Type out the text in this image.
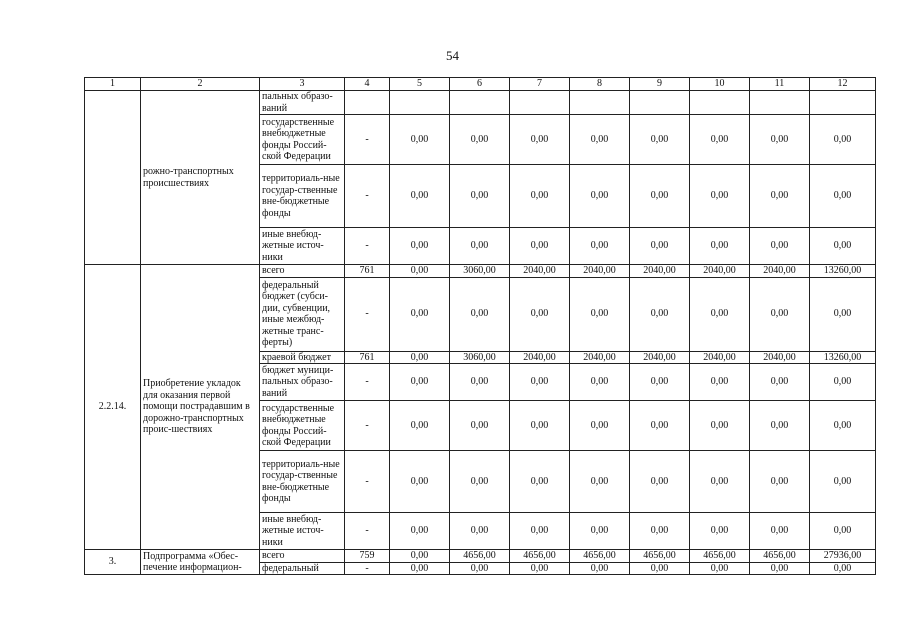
54
1	2	3	4	5	6	7	8	9	10	11	12
	рожно-транспортных происшествиях	пальных образо-ваний									
		государственные внебюджетные фонды Россий-ской Федерации	-	0,00	0,00	0,00	0,00	0,00	0,00	0,00	0,00
		территориаль-ные государ-ственные вне-бюджетные фонды	-	0,00	0,00	0,00	0,00	0,00	0,00	0,00	0,00
		иные внебюд-жетные источ-ники	-	0,00	0,00	0,00	0,00	0,00	0,00	0,00	0,00
2.2.14.	Приобретение укладок для оказания первой помощи пострадавшим в дорожно-транспортных проис-шествиях	всего	761	0,00	3060,00	2040,00	2040,00	2040,00	2040,00	2040,00	13260,00
		федеральный бюджет (субси-дии, субвенции, иные межбюд-жетные транс-ферты)	-	0,00	0,00	0,00	0,00	0,00	0,00	0,00	0,00
		краевой бюджет	761	0,00	3060,00	2040,00	2040,00	2040,00	2040,00	2040,00	13260,00
		бюджет муници-пальных образо-ваний	-	0,00	0,00	0,00	0,00	0,00	0,00	0,00	0,00
		государственные внебюджетные фонды Россий-ской Федерации	-	0,00	0,00	0,00	0,00	0,00	0,00	0,00	0,00
		территориаль-ные государ-ственные вне-бюджетные фонды	-	0,00	0,00	0,00	0,00	0,00	0,00	0,00	0,00
		иные внебюд-жетные источ-ники	-	0,00	0,00	0,00	0,00	0,00	0,00	0,00	0,00
3.	Подпрограмма «Обес-печение информацион-	всего	759	0,00	4656,00	4656,00	4656,00	4656,00	4656,00	4656,00	27936,00
		федеральный	-	0,00	0,00	0,00	0,00	0,00	0,00	0,00	0,00
